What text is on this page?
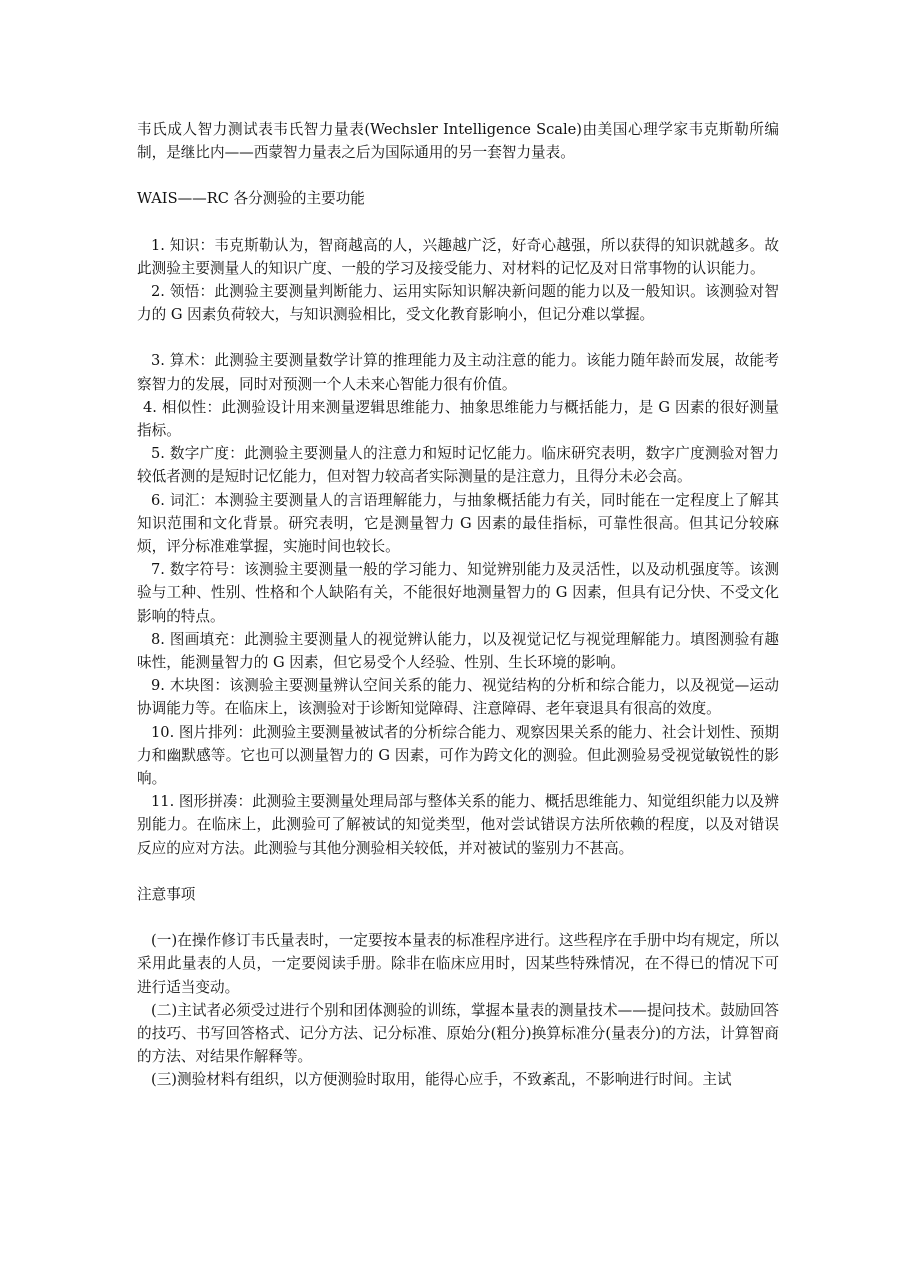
韦氏成人智力测试表韦氏智力量表(Wechsler Intelligence Scale)由美国心理学家韦克斯勒所编制，是继比内——西蒙智力量表之后为国际通用的另一套智力量表。

WAIS——RC 各分测验的主要功能

1. 知识：韦克斯勒认为，智商越高的人，兴趣越广泛，好奇心越强，所以获得的知识就越多。故此测验主要测量人的知识广度、一般的学习及接受能力、对材料的记忆及对日常事物的认识能力。

2. 领悟：此测验主要测量判断能力、运用实际知识解决新问题的能力以及一般知识。该测验对智力的 G 因素负荷较大，与知识测验相比，受文化教育影响小，但记分难以掌握。

3. 算术：此测验主要测量数学计算的推理能力及主动注意的能力。该能力随年龄而发展，故能考察智力的发展，同时对预测一个人未来心智能力很有价值。

4. 相似性：此测验设计用来测量逻辑思维能力、抽象思维能力与概括能力，是 G 因素的很好测量指标。

5. 数字广度：此测验主要测量人的注意力和短时记忆能力。临床研究表明，数字广度测验对智力较低者测的是短时记忆能力，但对智力较高者实际测量的是注意力，且得分未必会高。

6. 词汇：本测验主要测量人的言语理解能力，与抽象概括能力有关，同时能在一定程度上了解其知识范围和文化背景。研究表明，它是测量智力 G 因素的最佳指标，可靠性很高。但其记分较麻烦，评分标准难掌握，实施时间也较长。

7. 数字符号：该测验主要测量一般的学习能力、知觉辨别能力及灵活性，以及动机强度等。该测验与工种、性别、性格和个人缺陷有关，不能很好地测量智力的 G 因素，但具有记分快、不受文化影响的特点。

8. 图画填充：此测验主要测量人的视觉辨认能力，以及视觉记忆与视觉理解能力。填图测验有趣味性，能测量智力的 G 因素，但它易受个人经验、性别、生长环境的影响。

9. 木块图：该测验主要测量辨认空间关系的能力、视觉结构的分析和综合能力，以及视觉—运动协调能力等。在临床上，该测验对于诊断知觉障碍、注意障碍、老年衰退具有很高的效度。

10. 图片排列：此测验主要测量被试者的分析综合能力、观察因果关系的能力、社会计划性、预期力和幽默感等。它也可以测量智力的 G 因素，可作为跨文化的测验。但此测验易受视觉敏锐性的影响。

11. 图形拼凑：此测验主要测量处理局部与整体关系的能力、概括思维能力、知觉组织能力以及辨别能力。在临床上，此测验可了解被试的知觉类型，他对尝试错误方法所依赖的程度，以及对错误反应的应对方法。此测验与其他分测验相关较低，并对被试的鉴别力不甚高。

注意事项

(一)在操作修订韦氏量表时，一定要按本量表的标准程序进行。这些程序在手册中均有规定，所以采用此量表的人员，一定要阅读手册。除非在临床应用时，因某些特殊情况，在不得已的情况下可进行适当变动。

(二)主试者必须受过进行个别和团体测验的训练，掌握本量表的测量技术——提问技术。鼓励回答的技巧、书写回答格式、记分方法、记分标准、原始分(粗分)换算标准分(量表分)的方法，计算智商的方法、对结果作解释等。

(三)测验材料有组织，以方便测验时取用，能得心应手，不致紊乱，不影响进行时间。主试
